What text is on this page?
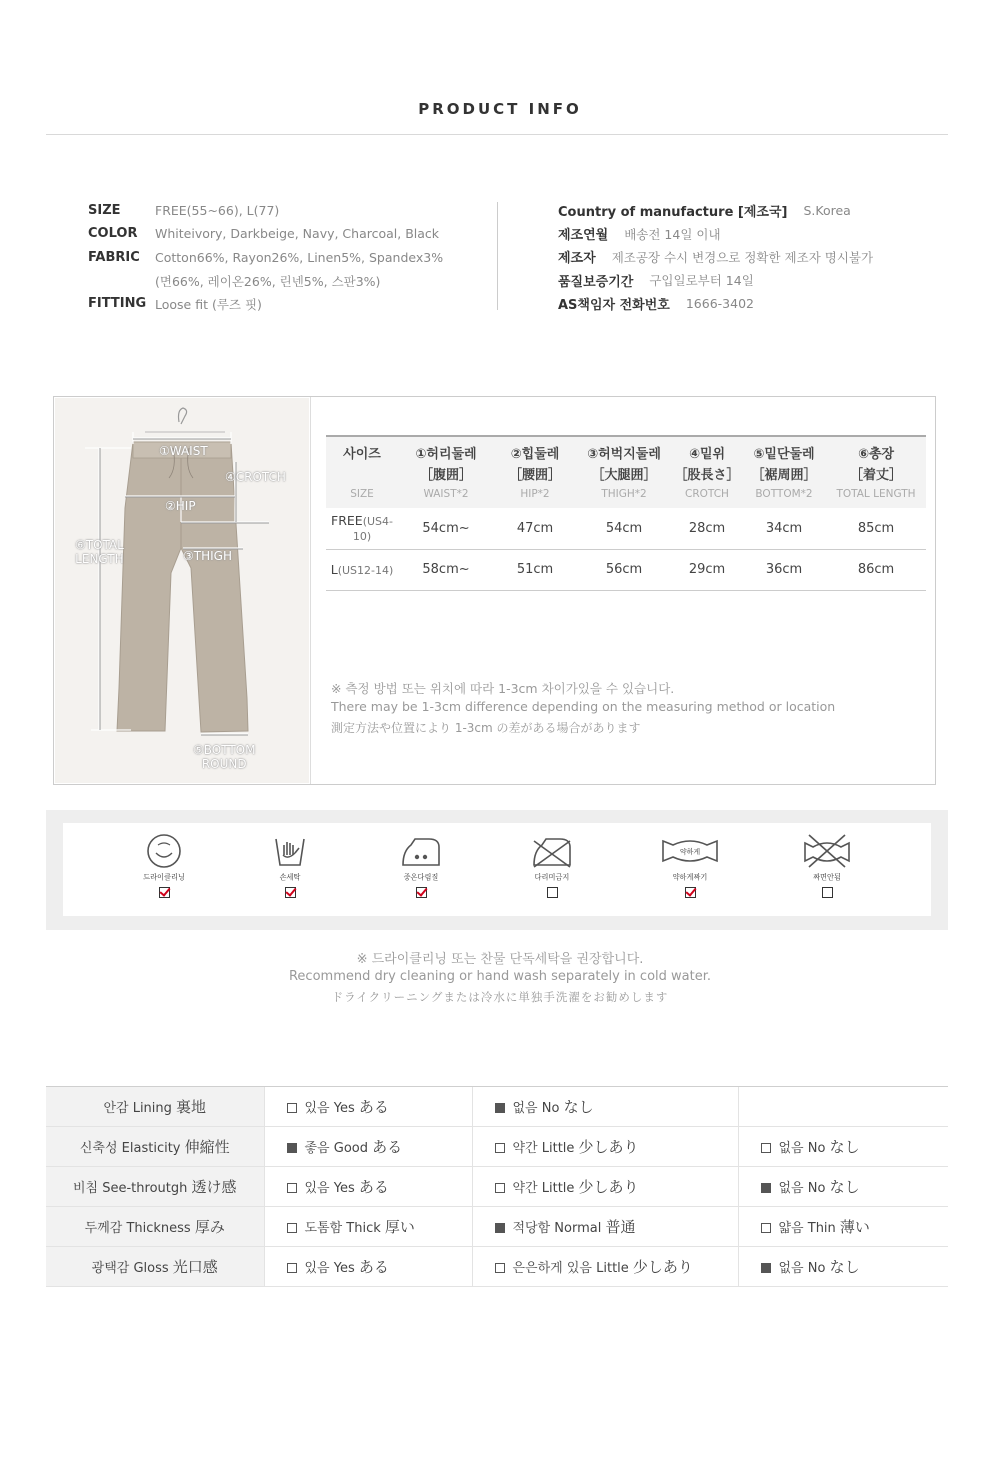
PRODUCT INFO
SIZE	FREE(55~66), L(77)
COLOR	Whiteivory, Darkbeige, Navy, Charcoal, Black
FABRIC	Cotton66%, Rayon26%, Linen5%, Spandex3%
(면66%, 레이온26%, 린넨5%, 스판3%)
FITTING Loose fit (루즈 핏)
Country of manufacture [제조국] S.Korea
제조연월 배송전 14일 이내
제조자 제조공장 수시 변경으로 정확한 제조자 명시불가
품질보증기간 구입일로부터 14일
AS책임자 전화번호 1666-3402
①WAIST
④CROTCH
②HIP
⑥TOTAL
LENGTH	③THIGH
⑤BOTTOM
ROUND
사이즈	①허리둘레	②힙둘레	③허벅지둘레	④밑위	⑤밑단둘레	⑥총장
	［腹囲］	［腰囲］	［大腿囲］	［股長さ］	［裾周囲］	［着丈］
SIZE	WAIST*2	HIP*2	THIGH*2	CROTCH	BOTTOM*2	TOTAL LENGTH
FREE(US4-10)	54cm~	47cm	54cm	28cm	34cm	85cm
L(US12-14)	58cm~	51cm	56cm	29cm	36cm	86cm
※ 측정 방법 또는 위치에 따라 1-3cm 차이가있을 수 있습니다.
There may be 1-3cm difference depending on the measuring method or location
測定方法や位置により 1-3cm の差がある場合があります
드라이클리닝	손세탁	중온다림질	다리미금지
약하게
약하게짜기	짜면안됨
※ 드라이클리닝 또는 찬물 단독세탁을 권장합니다.
Recommend dry cleaning or hand wash separately in cold water.
ドライクリーニングまたは冷水に単独手洗濯をお勧めします
안감 Lining 裏地	있음 Yes ある	없음 No なし	
신축성 Elasticity 伸縮性	좋음 Good ある	약간 Little 少しあり	없음 No なし
비침 See-throutgh 透け感	있음 Yes ある	약간 Little 少しあり	없음 No なし
두께감 Thickness 厚み	도톰함 Thick 厚い	적당함 Normal 普通	얇음 Thin 薄い
광택감 Gloss 光口感	있음 Yes ある	은은하게 있음 Little 少しあり	없음 No なし
